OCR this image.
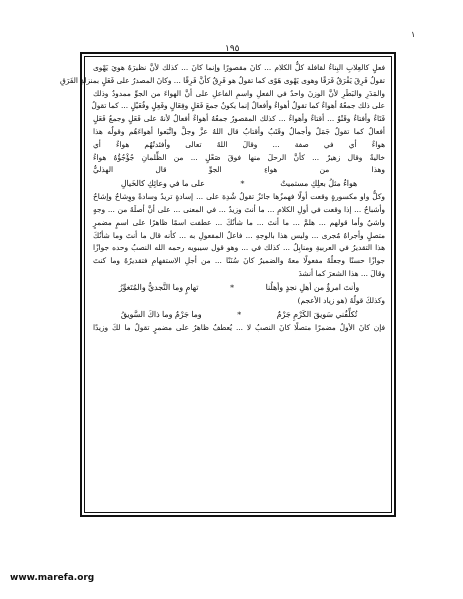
١
١٩٥
فعلٍ كالعِلابِ البِناءُ لقافلة كلُّ الكلام ... كانَ مقصورًا وإنما كانَ ... كذلك لأنَّ نظيرَهُ هويَ يَهْوى
تقولُ فَرِقَ يَفْرَقُ فَرَقًا وهوى يَهْوى هَوًى كما تقولُ هو فَرِقٌ كأنَّ فَرِقًا ... وكانَ المصدرُ على فَعَلٍ بمنزلةِ الفَرَقِ
والمَدَرِ والبَطَرِ لأنَّ الوزنَ واحدٌ في الفعلِ واسمِ الفاعلِ على أنَّ الهواءَ من الجوِّ ممدودٌ وذلك
على ذلك جمعُهُ أهواءٌ كما تقولُ أهواءٌ وأفعالٌ إنما يكونُ جمعَ فَعَلٍ وفِعَالٍ وفَعِلٍ وفُعَيْلٍ ... كما تقولُ
فَتَاءٌ وأفتاءٌ وقَتْوٌ ... أقتاءٌ وأهواءٌ ... كذلك المقصورُ جمعُهُ أهواءٌ أفعالٌ لأنهُ على فَعَلٍ وجمعُ فَعَلٍ
أفعالٌ كما تقولُ جَمَلٌ وأجمالٌ وقَتَبٌ وأقتابٌ قال اللهُ عزَّ وجلَّ واتَّبَعوا أهواءَهُم وقولُه هذا
هواءٌ أي في صفة ... وقالَ اللهُ تعالى وأفئدتُهُم هواءٌ أي
خاليةٌ وقال زهيرٌ ... كأنَّ الرحلَ منها فوقَ صَعْلٍ ... من الظِّلمانِ جُؤْجُؤُهُ هواءُ
وهذا من هواءِ الجوِّ قال الهذليُّ
هواءٌ مثلُ بعلِكِ مستميتٌ
*
على ما في وعائِكِ كالخَيالِ
وكلُّ واو مكسورةٍ وقعت أولًا فهمزُها جائزٌ تقولُ شُدِهَ على ... إسادةٍ تريدُ وسادةً ووِشاحٌ وإشاحٌ
وأشباحٌ ... إذا وقعت في أولِ الكلامِ ... ما أنتَ وزيدٌ ... في المعنى ... على أنَّ أصلَهُ من ... وجهٍ
واشيٌ وأما قولهم ... هلمَّ ... ما أنتَ ... ما شأنُكَ ... عطفت اسمًا ظاهرًا على اسمٍ مضمرٍ
متصلٍ وأجراهُ مُجرى ... وليس هذا بالوجهِ ... فاعلُ المفعولِ به ... كأنه قال ما أنتَ وما شأنُكَ
هذا التقديرُ في العربيةِ ومنابِلُ ... كذلك في ... وهو قول سيبويه رحمه الله النصبُ وحده جوازًا
جوازًا حسنًا وجعلُهُ مفعولًا معهُ والضميرُ كانَ سُنَنًا ... من أجلِ الاستفهامِ فتقديرُهُ وما كنتَ
وقالَ ... هذا الشعرَ كما أنشدَ
وأنتَ امرؤٌ من أهلِ نجدٍ وأهلُنا
*
تهامٍ وما النَّجديُّ والمُتَغوِّرُ
وكذلكَ قولُهُ (هو زياد الأعجم)
تُكلِّفُني سَويقَ الكَرْمِ جَرْمٌ
*
وما جَرْمٌ وما ذاكَ السَّويقُ
فإن كانَ الأولُ مضمرًا متصلًا كانَ النصبُ لا ... يُعطفُ ظاهرٌ على مضمرٍ تقولُ ما لكَ وزيدًا
www.marefa.org
